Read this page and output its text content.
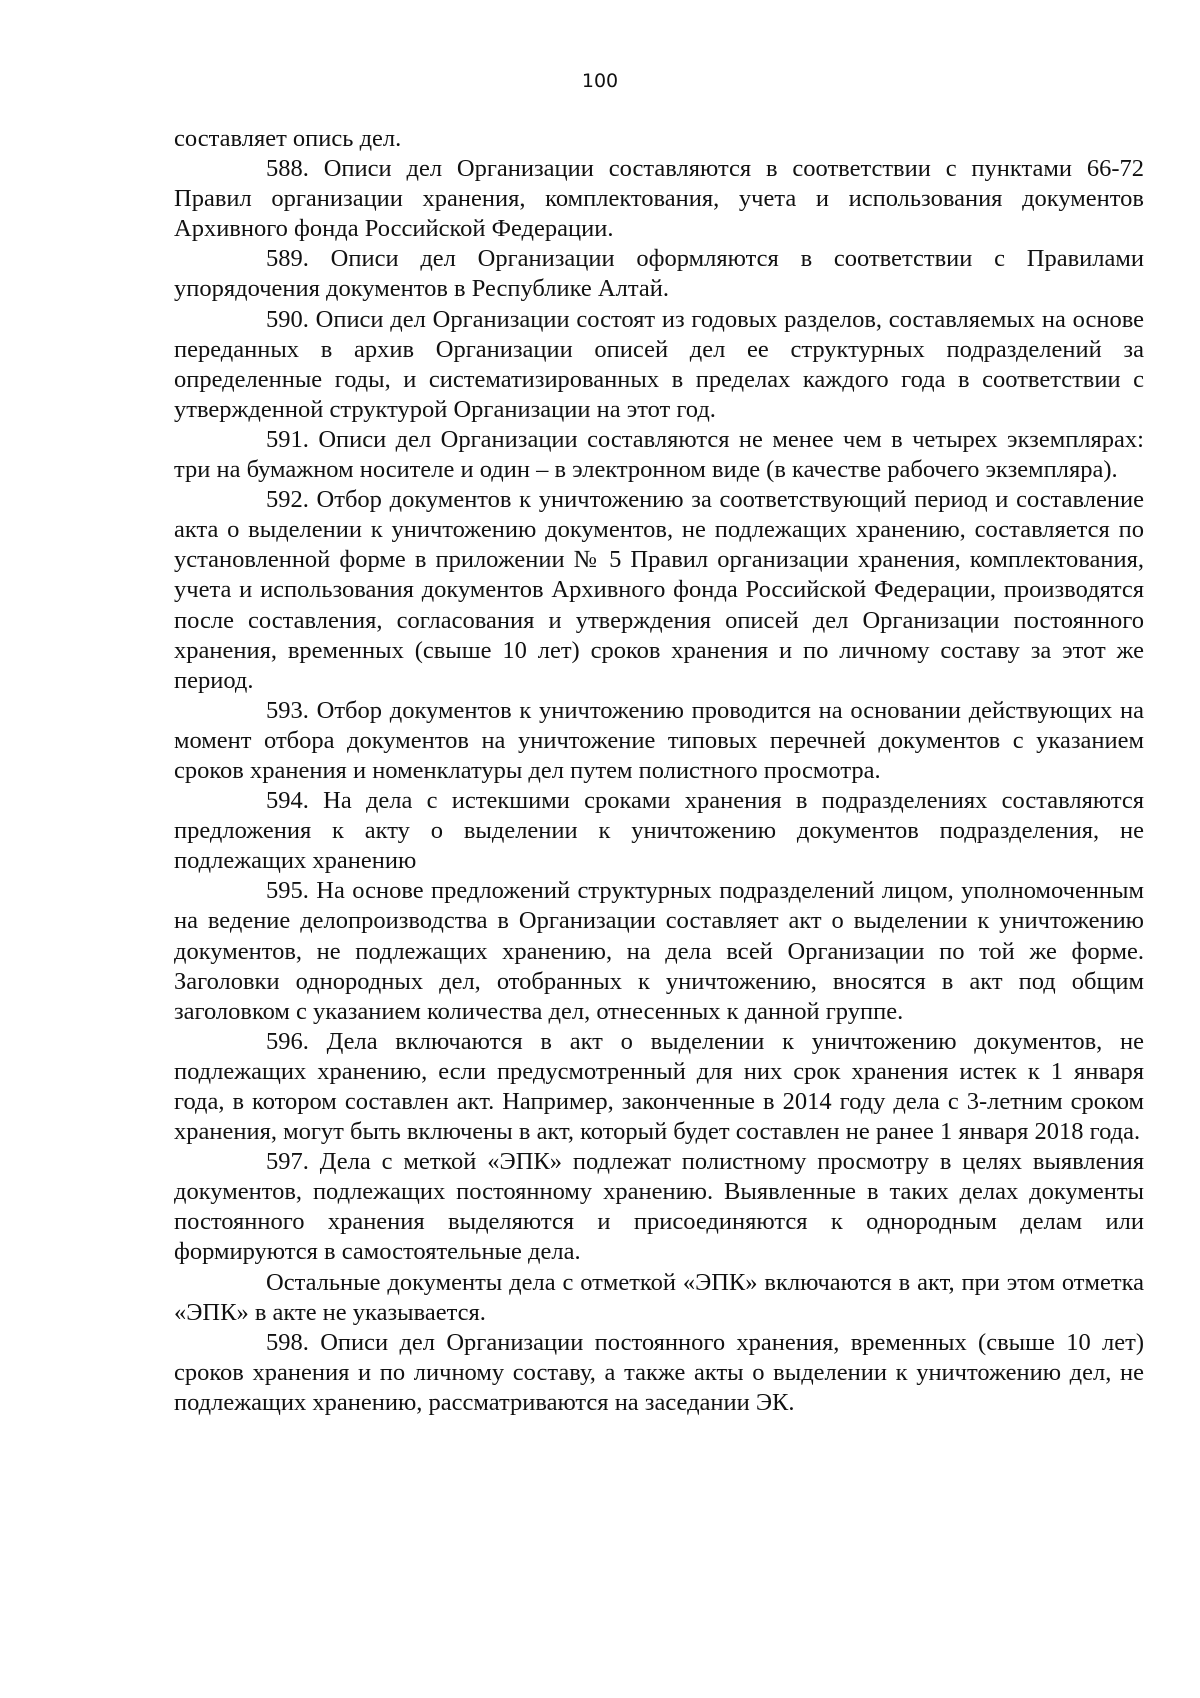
100

составляет опись дел.

588. Описи дел Организации составляются в соответствии с пунктами 66-72 Правил организации хранения, комплектования, учета и использования документов Архивного фонда Российской Федерации.

589. Описи дел Организации оформляются в соответствии с Правилами упорядочения документов в Республике Алтай.

590. Описи дел Организации состоят из годовых разделов, составляемых на основе переданных в архив Организации описей дел ее структурных подразделений за определенные годы, и систематизированных в пределах каждого года в соответствии с утвержденной структурой Организации на этот год.

591. Описи дел Организации составляются не менее чем в четырех экземплярах: три на бумажном носителе и один – в электронном виде (в качестве рабочего экземпляра).

592. Отбор документов к уничтожению за соответствующий период и составление акта о выделении к уничтожению документов, не подлежащих хранению, составляется по установленной форме в приложении № 5 Правил организации хранения, комплектования, учета и использования документов Архивного фонда Российской Федерации, производятся после составления, согласования и утверждения описей дел Организации постоянного хранения, временных (свыше 10 лет) сроков хранения и по личному составу за этот же период.

593. Отбор документов к уничтожению проводится на основании действующих на момент отбора документов на уничтожение типовых перечней документов с указанием сроков хранения и номенклатуры дел путем полистного просмотра.

594. На дела с истекшими сроками хранения в подразделениях составляются предложения к акту о выделении к уничтожению документов подразделения, не подлежащих хранению

595. На основе предложений структурных подразделений лицом, уполномоченным на ведение делопроизводства в Организации составляет акт о выделении к уничтожению документов, не подлежащих хранению, на дела всей Организации по той же форме. Заголовки однородных дел, отобранных к уничтожению, вносятся в акт под общим заголовком с указанием количества дел, отнесенных к данной группе.

596. Дела включаются в акт о выделении к уничтожению документов, не подлежащих хранению, если предусмотренный для них срок хранения истек к 1 января года, в котором составлен акт. Например, законченные в 2014 году дела с 3-летним сроком хранения, могут быть включены в акт, который будет составлен не ранее 1 января 2018 года.

597. Дела с меткой «ЭПК» подлежат полистному просмотру в целях выявления документов, подлежащих постоянному хранению. Выявленные в таких делах документы постоянного хранения выделяются и присоединяются к однородным делам или формируются в самостоятельные дела.

Остальные документы дела с отметкой «ЭПК» включаются в акт, при этом отметка «ЭПК» в акте не указывается.

598. Описи дел Организации постоянного хранения, временных (свыше 10 лет) сроков хранения и по личному составу, а также акты о выделении к уничтожению дел, не подлежащих хранению, рассматриваются на заседании ЭК.
